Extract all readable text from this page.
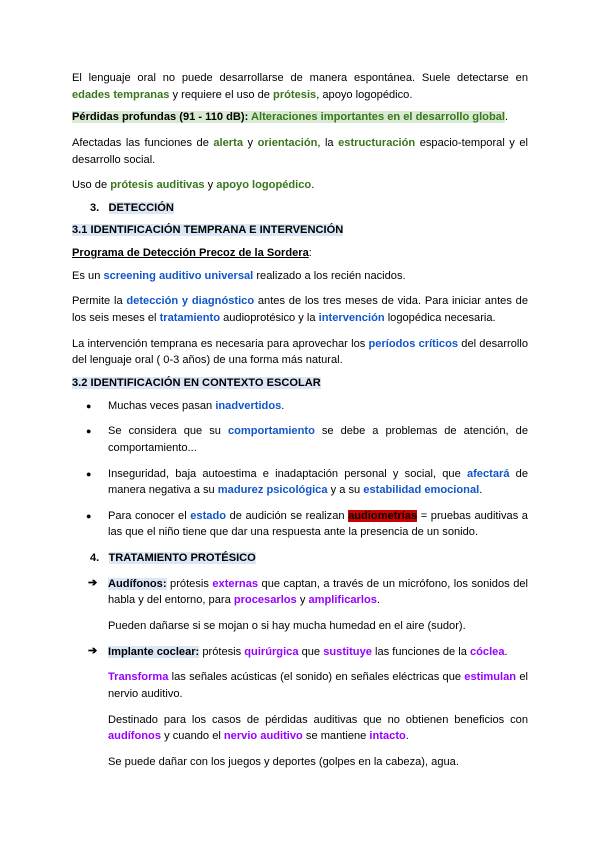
El lenguaje oral no puede desarrollarse de manera espontánea. Suele detectarse en edades tempranas y requiere el uso de prótesis, apoyo logopédico.

Pérdidas profundas (91 - 110 dB): Alteraciones importantes en el desarrollo global.

Afectadas las funciones de alerta y orientación, la estructuración espacio-temporal y el desarrollo social.

Uso de prótesis auditivas y apoyo logopédico.

3. DETECCIÓN

3.1 IDENTIFICACIÓN TEMPRANA E INTERVENCIÓN

Programa de Detección Precoz de la Sordera:

Es un screening auditivo universal realizado a los recién nacidos.

Permite la detección y diagnóstico antes de los tres meses de vida. Para iniciar antes de los seis meses el tratamiento audioprotésico y la intervención logopédica necesaria.

La intervención temprana es necesaria para aprovechar los períodos críticos del desarrollo del lenguaje oral ( 0-3 años) de una forma más natural.

3.2 IDENTIFICACIÓN EN CONTEXTO ESCOLAR

● Muchas veces pasan inadvertidos.

● Se considera que su comportamiento se debe a problemas de atención, de comportamiento...

● Inseguridad, baja autoestima e inadaptación personal y social, que afectará de manera negativa a su madurez psicológica y a su estabilidad emocional.

● Para conocer el estado de audición se realizan audiometrías = pruebas auditivas a las que el niño tiene que dar una respuesta ante la presencia de un sonido.

4. TRATAMIENTO PROTÉSICO

➔ Audífonos: prótesis externas que captan, a través de un micrófono, los sonidos del habla y del entorno, para procesarlos y amplificarlos.

Pueden dañarse si se mojan o si hay mucha humedad en el aire (sudor).

➔ Implante coclear: prótesis quirúrgica que sustituye las funciones de la cóclea.

Transforma las señales acústicas (el sonido) en señales eléctricas que estimulan el nervio auditivo.

Destinado para los casos de pérdidas auditivas que no obtienen beneficios con audífonos y cuando el nervio auditivo se mantiene intacto.

Se puede dañar con los juegos y deportes (golpes en la cabeza), agua.
